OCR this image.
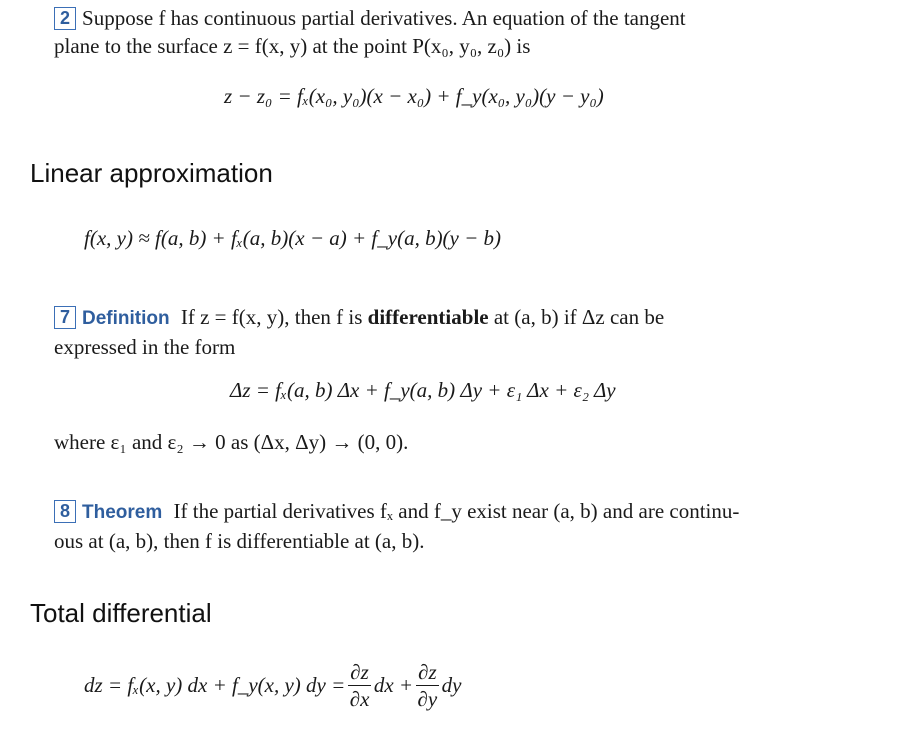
2 Suppose f has continuous partial derivatives. An equation of the tangent
plane to the surface z = f(x, y) at the point P(x₀, y₀, z₀) is
z − z₀ = fₓ(x₀, y₀)(x − x₀) + f_y(x₀, y₀)(y − y₀)
Linear approximation
f(x, y) ≈ f(a, b) + fₓ(a, b)(x − a) + f_y(a, b)(y − b)
7 Definition If z = f(x, y), then f is differentiable at (a, b) if Δz can be
expressed in the form
Δz = fₓ(a, b) Δx + f_y(a, b) Δy + ε₁ Δx + ε₂ Δy
where ε₁ and ε₂ → 0 as (Δx, Δy) → (0, 0).
8 Theorem If the partial derivatives fₓ and f_y exist near (a, b) and are continu-
ous at (a, b), then f is differentiable at (a, b).
Total differential
dz = fₓ(x, y) dx + f_y(x, y) dy = $\frac{\partial z}{\partial x}$ dx + $\frac{\partial z}{\partial y}$ dy
